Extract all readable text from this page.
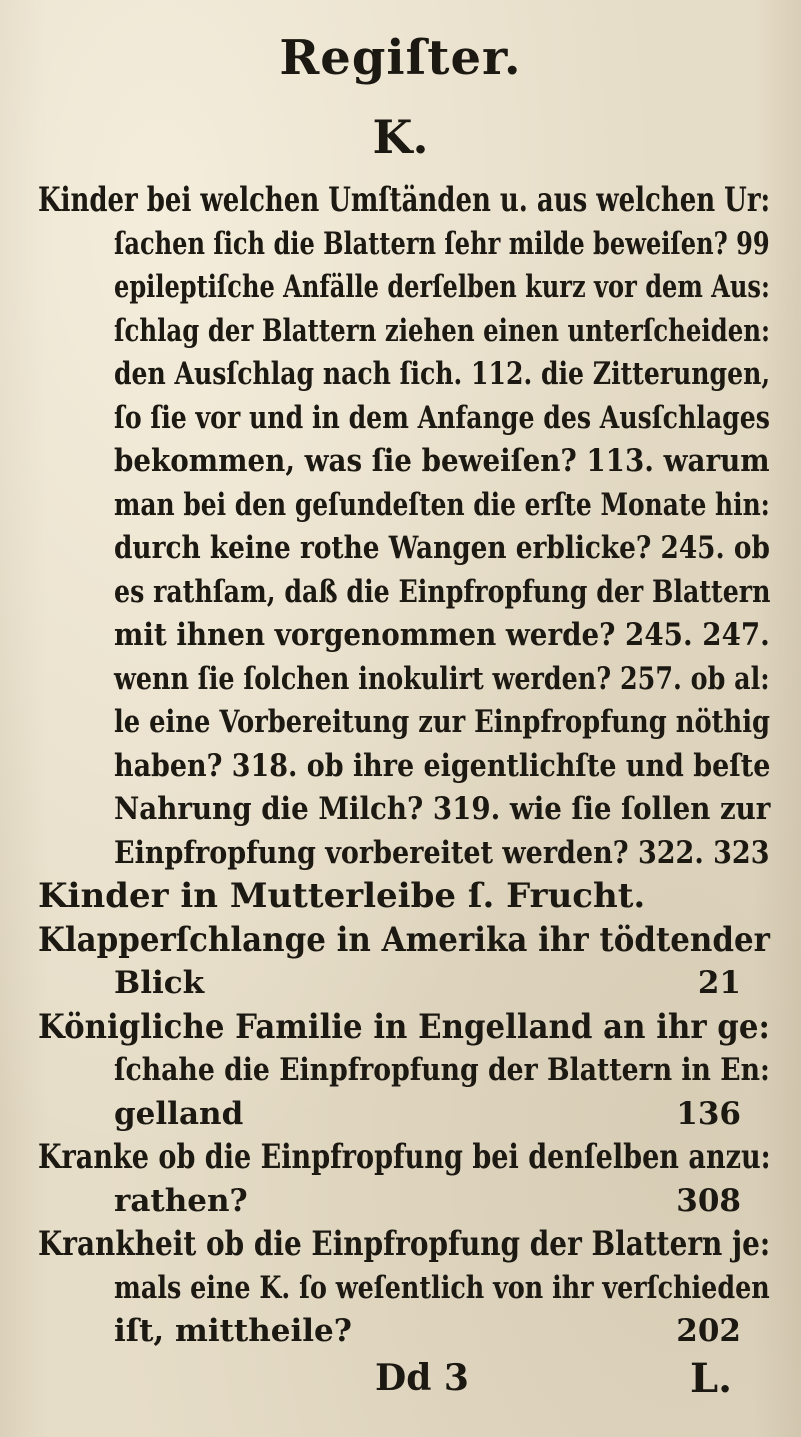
Regiſter.
K.
Kinder bei welchen Umſtänden u. aus welchen Ur:
ſachen ſich die Blattern ſehr milde beweiſen? 99
epileptiſche Anfälle derſelben kurz vor dem Aus:
ſchlag der Blattern ziehen einen unterſcheiden:
den Ausſchlag nach ſich. 112. die Zitterungen,
ſo ſie vor und in dem Anfange des Ausſchlages
bekommen, was ſie beweiſen? 113. warum
man bei den geſundeſten die erſte Monate hin:
durch keine rothe Wangen erblicke? 245. ob
es rathſam, daß die Einpfropfung der Blattern
mit ihnen vorgenommen werde? 245. 247.
wenn ſie ſolchen inokulirt werden? 257. ob al:
le eine Vorbereitung zur Einpfropfung nöthig
haben? 318. ob ihre eigentlichſte und beſte
Nahrung die Milch? 319. wie ſie ſollen zur
Einpfropfung vorbereitet werden? 322. 323
Kinder in Mutterleibe ſ. Frucht.
Klapperſchlange in Amerika ihr tödtender
Blick	21
Königliche Familie in Engelland an ihr ge:
ſchahe die Einpfropfung der Blattern in En:
gelland	136
Kranke ob die Einpfropfung bei denſelben anzu:
rathen?	308
Krankheit ob die Einpfropfung der Blattern je:
mals eine K. ſo weſentlich von ihr verſchieden
iſt, mittheile?	202
Dd 3	L.
